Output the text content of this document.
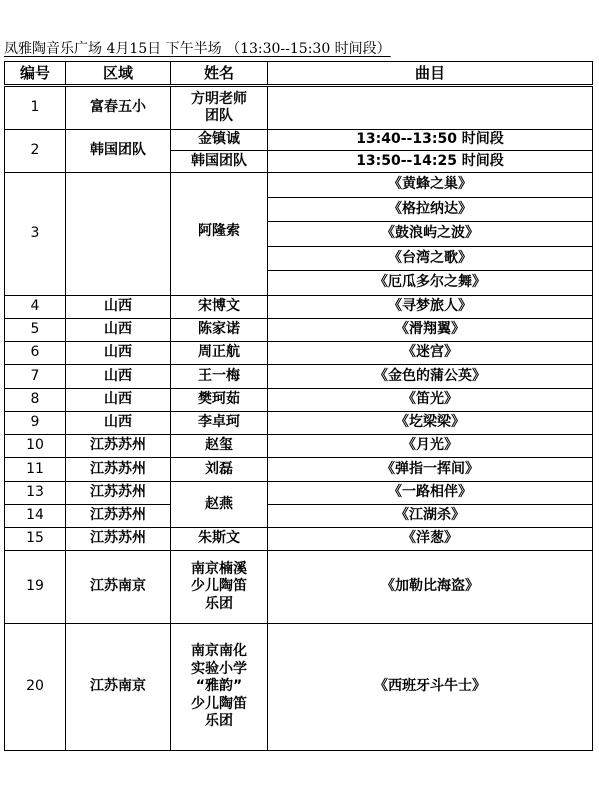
凤雅陶音乐广场 4月15日 下午半场 （13:30--15:30 时间段）
编号	区域	姓名	曲目
1	富春五小	方明老师
团队	

2	韩国团队	金镇诚	13:40--13:50 时间段
		韩国团队	13:50--14:25 时间段
3		阿隆索	《黄蜂之巢》
			《格拉纳达》
			《鼓浪屿之波》
			《台湾之歌》
			《厄瓜多尔之舞》
4	山西	宋博文	《寻梦旅人》
5	山西	陈家诺	《滑翔翼》
6	山西	周正航	《迷宫》
7	山西	王一梅	《金色的蒲公英》
8	山西	樊珂茹	《笛光》
9	山西	李卓珂	《圪梁梁》
10	江苏苏州	赵玺	《月光》
11	江苏苏州	刘磊	《弹指一挥间》
13	江苏苏州	赵燕	《一路相伴》
14	江苏苏州		《江湖杀》
15	江苏苏州	朱斯文	《洋葱》
19	江苏南京	南京楠溪
少儿陶笛
乐团	《加勒比海盗》
20	江苏南京	南京南化
实验小学
“雅韵”
少儿陶笛
乐团	《西班牙斗牛士》
